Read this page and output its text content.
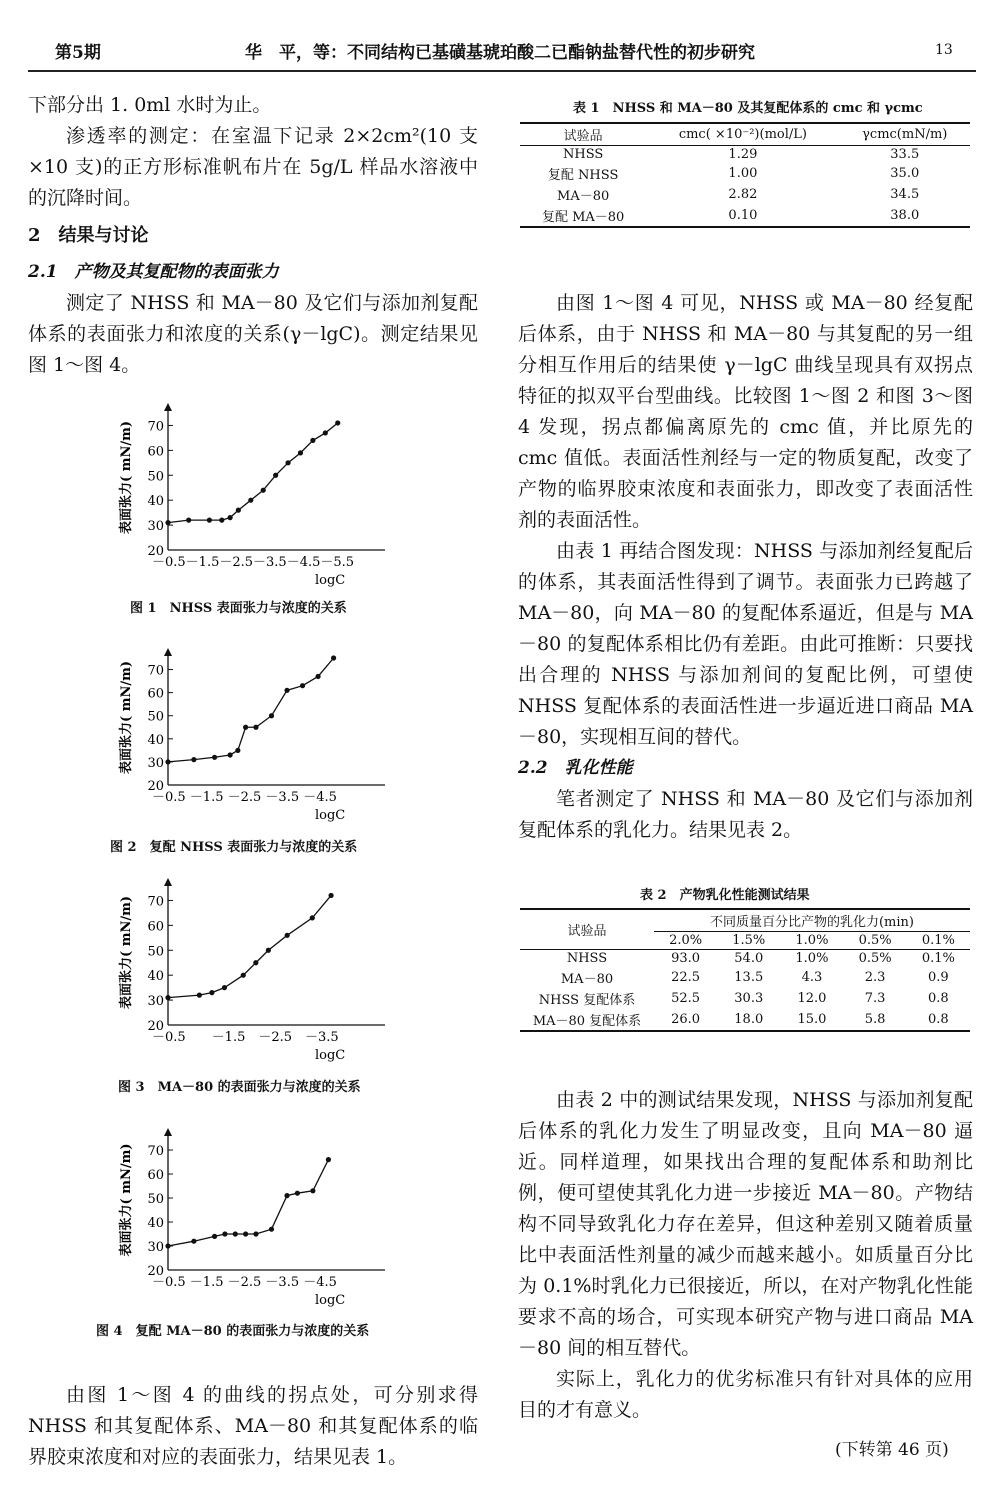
第5期	华　平，等：不同结构已基磺基琥珀酸二已酯钠盐替代性的初步研究	13

下部分出 1. 0ml 水时为止。

渗透率的测定：在室温下记录 2×2cm²(10 支×10 支)的正方形标准帆布片在 5g/L 样品水溶液中的沉降时间。

2　结果与讨论
2.1　产物及其复配物的表面张力

测定了 NHSS 和 MA－80 及它们与添加剂复配体系的表面张力和浓度的关系(γ－lgC)。测定结果见图 1～图 4。

20
30
40
50
60
70
－0.5－1.5－2.5－3.5－4.5－5.5
logC
表面张力( mN/m)
图 1　NHSS 表面张力与浓度的关系
20
30
40
50
60
70
－0.5 －1.5 －2.5 －3.5 －4.5
logC
表面张力( mN/m)
图 2　复配 NHSS 表面张力与浓度的关系
20
30
40
50
60
70
－0.5　　－1.5　－2.5　－3.5
logC
表面张力( mN/m)
图 3　MA－80 的表面张力与浓度的关系
20
30
40
50
60
70
－0.5 －1.5 －2.5 －3.5 －4.5
logC
表面张力( mN/m)
图 4　复配 MA－80 的表面张力与浓度的关系

由图 1～图 4 的曲线的拐点处，可分别求得 NHSS 和其复配体系、MA－80 和其复配体系的临界胶束浓度和对应的表面张力，结果见表 1。

表 1　NHSS 和 MA－80 及其复配体系的 cmc 和 γcmc
试验品	cmc( ×10⁻²)(mol/L)	γcmc(mN/m)
NHSS	1.29	33.5
复配 NHSS	1.00	35.0
MA－80	2.82	34.5
复配 MA－80	0.10	38.0

由图 1～图 4 可见，NHSS 或 MA－80 经复配后体系，由于 NHSS 和 MA－80 与其复配的另一组分相互作用后的结果使 γ－lgC 曲线呈现具有双拐点特征的拟双平台型曲线。比较图 1～图 2 和图 3～图 4 发现，拐点都偏离原先的 cmc 值，并比原先的 cmc 值低。表面活性剂经与一定的物质复配，改变了产物的临界胶束浓度和表面张力，即改变了表面活性剂的表面活性。

由表 1 再结合图发现：NHSS 与添加剂经复配后的体系，其表面活性得到了调节。表面张力已跨越了 MA－80，向 MA－80 的复配体系逼近，但是与 MA－80 的复配体系相比仍有差距。由此可推断：只要找出合理的 NHSS 与添加剂间的复配比例，可望使 NHSS 复配体系的表面活性进一步逼近进口商品 MA－80，实现相互间的替代。

2.2　乳化性能

笔者测定了 NHSS 和 MA－80 及它们与添加剂复配体系的乳化力。结果见表 2。

表 2　产物乳化性能测试结果
试验品	不同质量百分比产物的乳化力(min)				
	2.0%	1.5%	1.0%	0.5%	0.1%
NHSS	93.0	54.0	1.0%	0.5%	0.1%
MA－80	22.5	13.5	4.3	2.3	0.9
NHSS 复配体系	52.5	30.3	12.0	7.3	0.8
MA－80 复配体系	26.0	18.0	15.0	5.8	0.8

由表 2 中的测试结果发现，NHSS 与添加剂复配后体系的乳化力发生了明显改变，且向 MA－80 逼近。同样道理，如果找出合理的复配体系和助剂比例，便可望使其乳化力进一步接近 MA－80。产物结构不同导致乳化力存在差异，但这种差别又随着质量比中表面活性剂量的减少而越来越小。如质量百分比为 0.1%时乳化力已很接近，所以，在对产物乳化性能要求不高的场合，可实现本研究产物与进口商品 MA－80 间的相互替代。

实际上，乳化力的优劣标准只有针对具体的应用目的才有意义。

(下转第 46 页)
